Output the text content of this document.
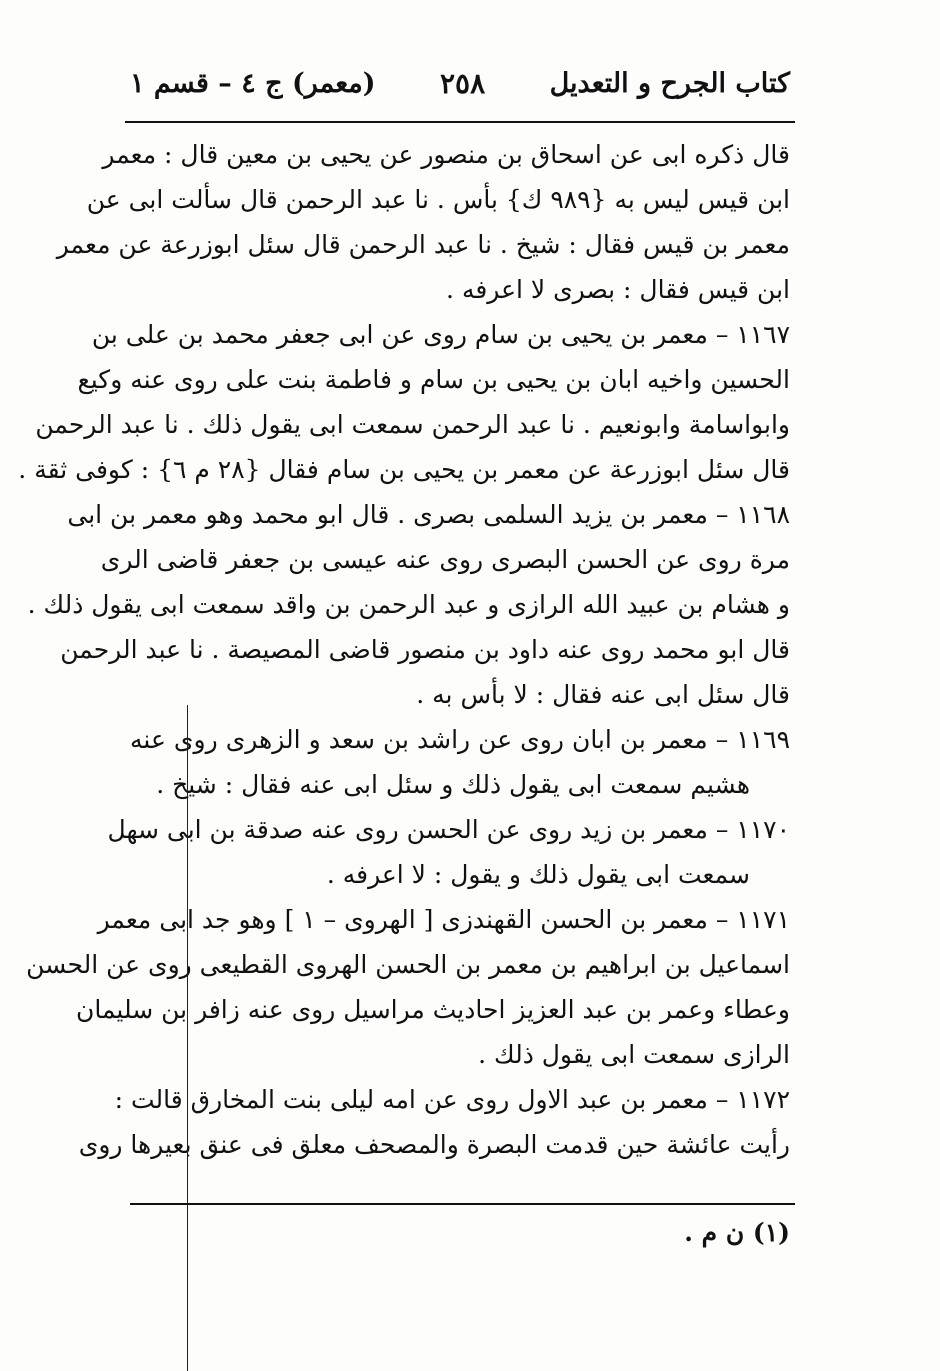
كتاب الجرح و التعديل
٢٥٨
(معمر) ج ٤ – قسم ١
قال ذكره ابى عن اسحاق بن منصور عن يحيى بن معين قال : معمر
ابن قيس ليس به {٩٨٩ ك} بأس . نا عبد الرحمن قال سألت ابى عن
معمر بن قيس فقال : شيخ . نا عبد الرحمن قال سئل ابوزرعة عن معمر
ابن قيس فقال : بصرى لا اعرفه .
١١٦٧ – معمر بن يحيى بن سام روى عن ابى جعفر محمد بن على بن
الحسين واخيه ابان بن يحيى بن سام و فاطمة بنت على روى عنه وكيع
وابواسامة وابونعيم . نا عبد الرحمن سمعت ابى يقول ذلك . نا عبد الرحمن
قال سئل ابوزرعة عن معمر بن يحيى بن سام فقال {٢٨ م ٦} : كوفى ثقة .
١١٦٨ – معمر بن يزيد السلمى بصرى . قال ابو محمد وهو معمر بن ابى
مرة روى عن الحسن البصرى روى عنه عيسى بن جعفر قاضى الرى
و هشام بن عبيد الله الرازى و عبد الرحمن بن واقد سمعت ابى يقول ذلك .
قال ابو محمد روى عنه داود بن منصور قاضى المصيصة . نا عبد الرحمن
قال سئل ابى عنه فقال : لا بأس به .
١١٦٩ – معمر بن ابان روى عن راشد بن سعد و الزهرى روى عنه
هشيم سمعت ابى يقول ذلك و سئل ابى عنه فقال : شيخ .
١١٧٠ – معمر بن زيد روى عن الحسن روى عنه صدقة بن ابى سهل
سمعت ابى يقول ذلك و يقول : لا اعرفه .
١١٧١ – معمر بن الحسن القهندزى [ الهروى – ١ ] وهو جد ابى معمر
اسماعيل بن ابراهيم بن معمر بن الحسن الهروى القطيعى روى عن الحسن
وعطاء وعمر بن عبد العزيز احاديث مراسيل روى عنه زافر بن سليمان
الرازى سمعت ابى يقول ذلك .
١١٧٢ – معمر بن عبد الاول روى عن امه ليلى بنت المخارق قالت :
رأيت عائشة حين قدمت البصرة والمصحف معلق فى عنق بعيرها روى
(١) ن م .
